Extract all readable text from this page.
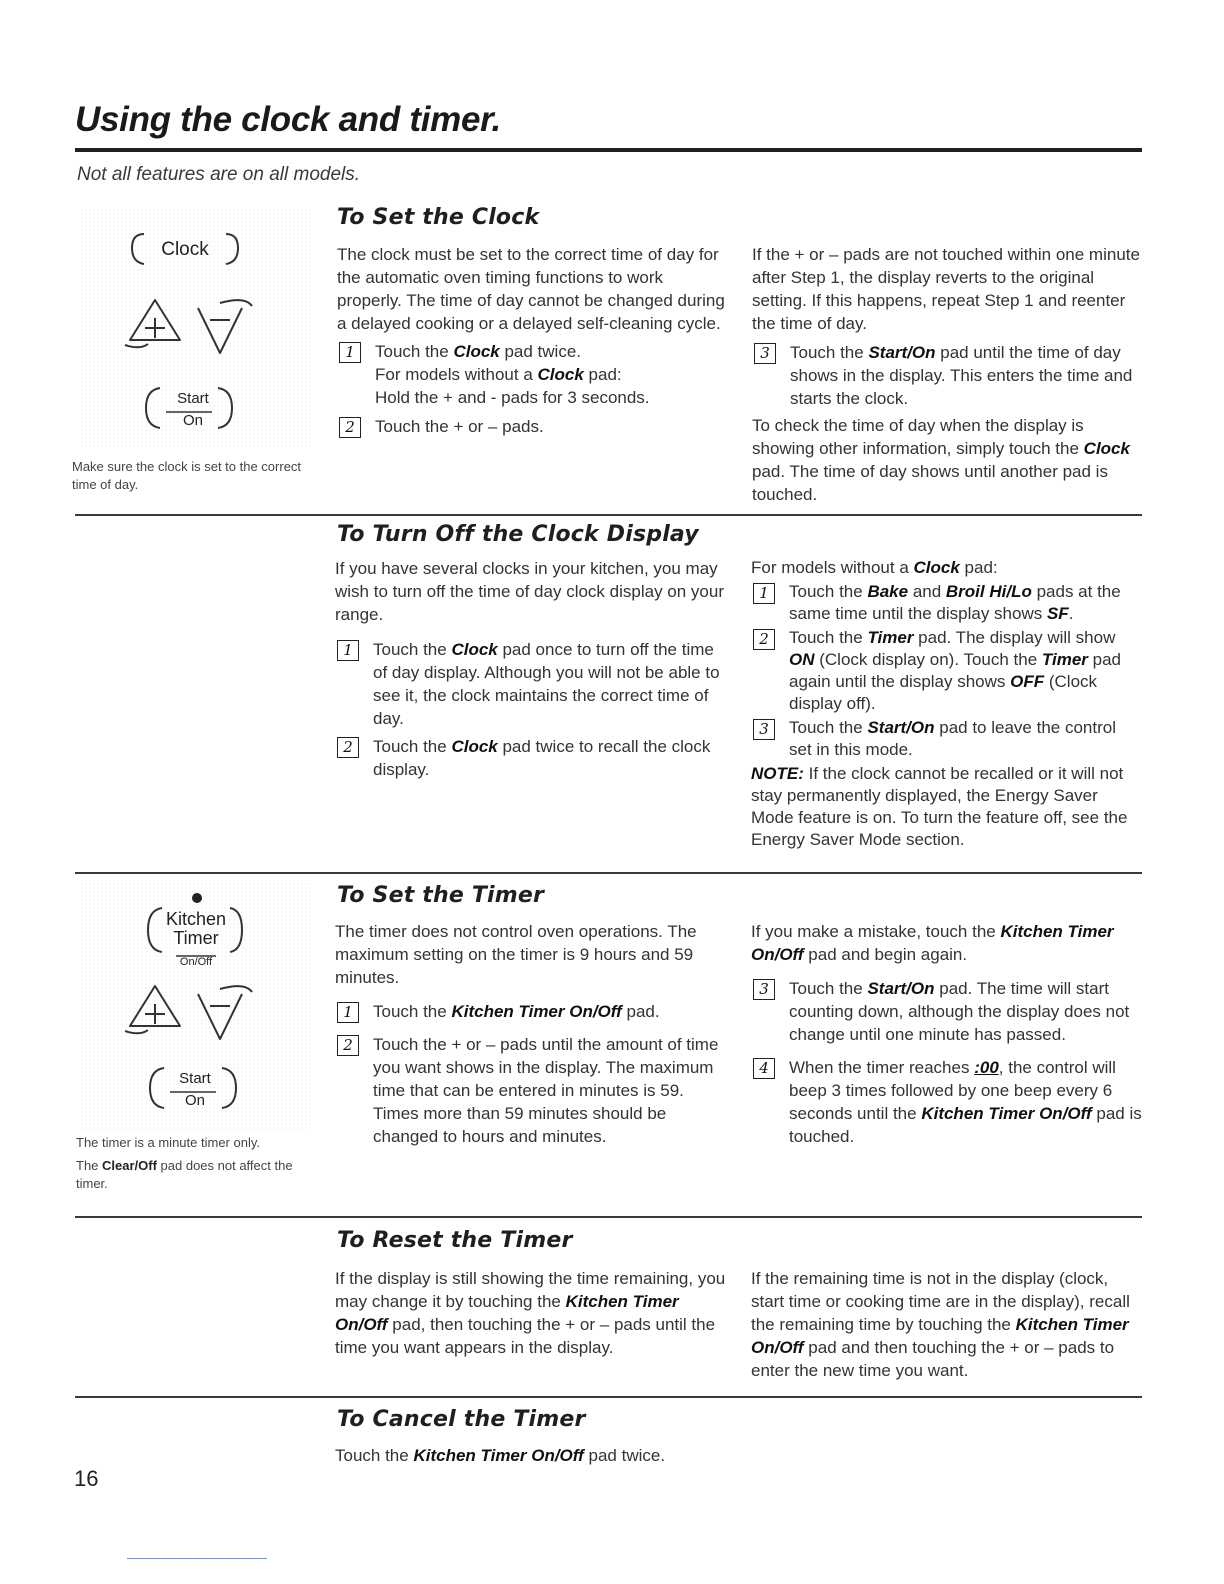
Using the clock and timer.
Not all features are on all models.
Clock
Start
On
Make sure the clock is set to the correct time of day.
To Set the Clock

The clock must be set to the correct time of day for the automatic oven timing functions to work properly. The time of day cannot be changed during a delayed cooking or a delayed self-cleaning cycle.

1	Touch the Clock pad twice.
For models without a Clock pad:
Hold the + and - pads for 3 seconds.
2	Touch the + or – pads.

If the + or – pads are not touched within one minute after Step 1, the display reverts to the original setting. If this happens, repeat Step 1 and reenter the time of day.

3	Touch the Start/On pad until the time of day shows in the display. This enters the time and starts the clock.

To check the time of day when the display is showing other information, simply touch the Clock pad. The time of day shows until another pad is touched.

To Turn Off the Clock Display

If you have several clocks in your kitchen, you may wish to turn off the time of day clock display on your range.

1	Touch the Clock pad once to turn off the time of day display. Although you will not be able to see it, the clock maintains the correct time of day.
2	Touch the Clock pad twice to recall the clock display.

For models without a Clock pad:

1	Touch the Bake and Broil Hi/Lo pads at the same time until the display shows SF.
2	Touch the Timer pad. The display will show ON (Clock display on). Touch the Timer pad again until the display shows OFF (Clock display off).
3	Touch the Start/On pad to leave the control set in this mode.

NOTE: If the clock cannot be recalled or it will not stay permanently displayed, the Energy Saver Mode feature is on. To turn the feature off, see the Energy Saver Mode section.

Kitchen
Timer
On/Off
Start
On
The timer is a minute timer only.
The Clear/Off pad does not affect the timer.
To Set the Timer

The timer does not control oven operations. The maximum setting on the timer is 9 hours and 59 minutes.

1	Touch the Kitchen Timer On/Off pad.
2	Touch the + or – pads until the amount of time you want shows in the display. The maximum time that can be entered in minutes is 59. Times more than 59 minutes should be changed to hours and minutes.

If you make a mistake, touch the Kitchen Timer On/Off pad and begin again.

3	Touch the Start/On pad. The time will start counting down, although the display does not change until one minute has passed.
4	When the timer reaches :00, the control will beep 3 times followed by one beep every 6 seconds until the Kitchen Timer On/Off pad is touched.
To Reset the Timer

If the display is still showing the time remaining, you may change it by touching the Kitchen Timer On/Off pad, then touching the + or – pads until the time you want appears in the display.

If the remaining time is not in the display (clock, start time or cooking time are in the display), recall the remaining time by touching the Kitchen Timer On/Off pad and then touching the + or – pads to enter the new time you want.

To Cancel the Timer

Touch the Kitchen Timer On/Off pad twice.

16
